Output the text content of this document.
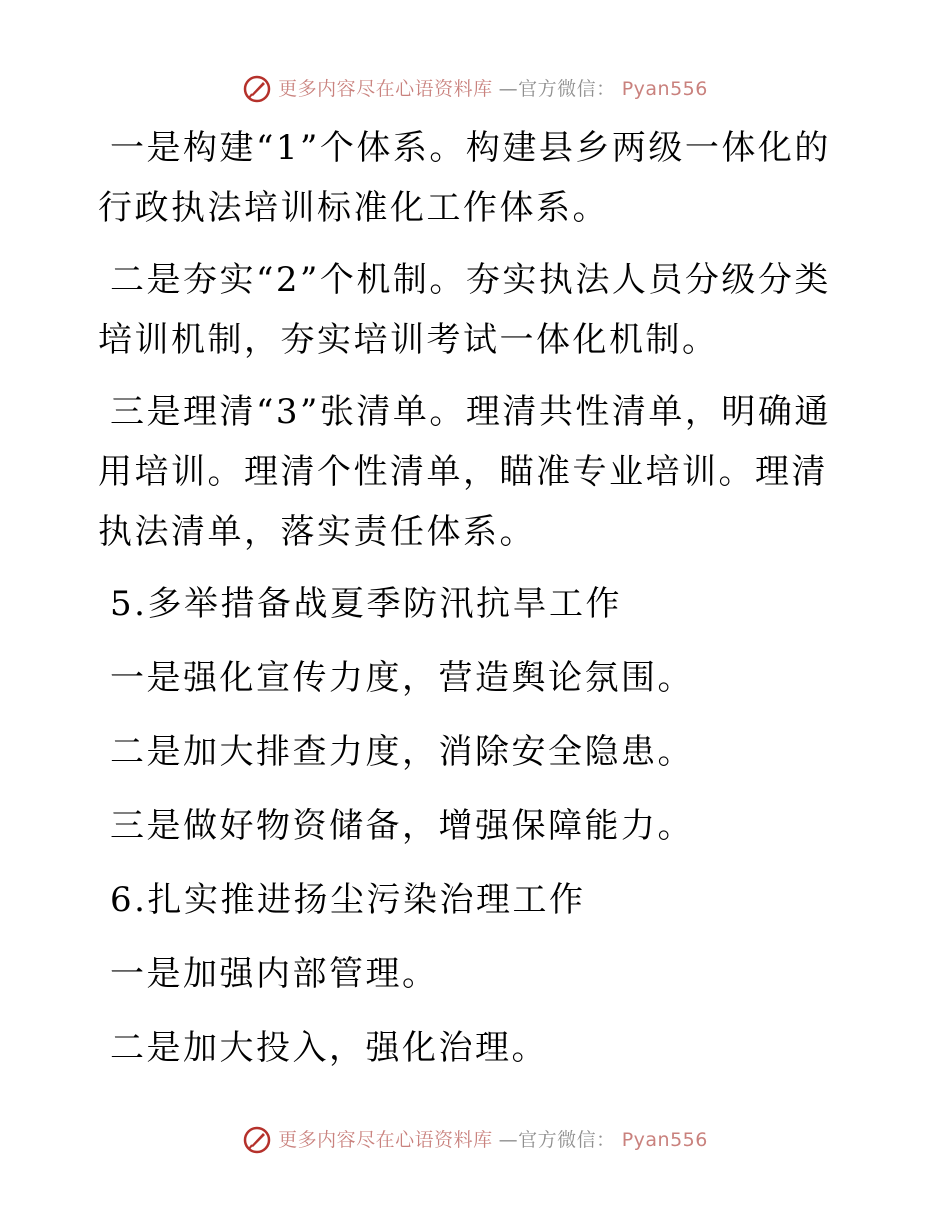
更多内容尽在心语资料库 —官方微信： Pyan556

一是构建“1”个体系。构建县乡两级一体化的行政执法培训标准化工作体系。

二是夯实“2”个机制。夯实执法人员分级分类培训机制，夯实培训考试一体化机制。

三是理清“3”张清单。理清共性清单，明确通用培训。理清个性清单，瞄准专业培训。理清执法清单，落实责任体系。

5.多举措备战夏季防汛抗旱工作

一是强化宣传力度，营造舆论氛围。

二是加大排查力度，消除安全隐患。

三是做好物资储备，增强保障能力。

6.扎实推进扬尘污染治理工作

一是加强内部管理。

二是加大投入，强化治理。

更多内容尽在心语资料库 —官方微信： Pyan556
